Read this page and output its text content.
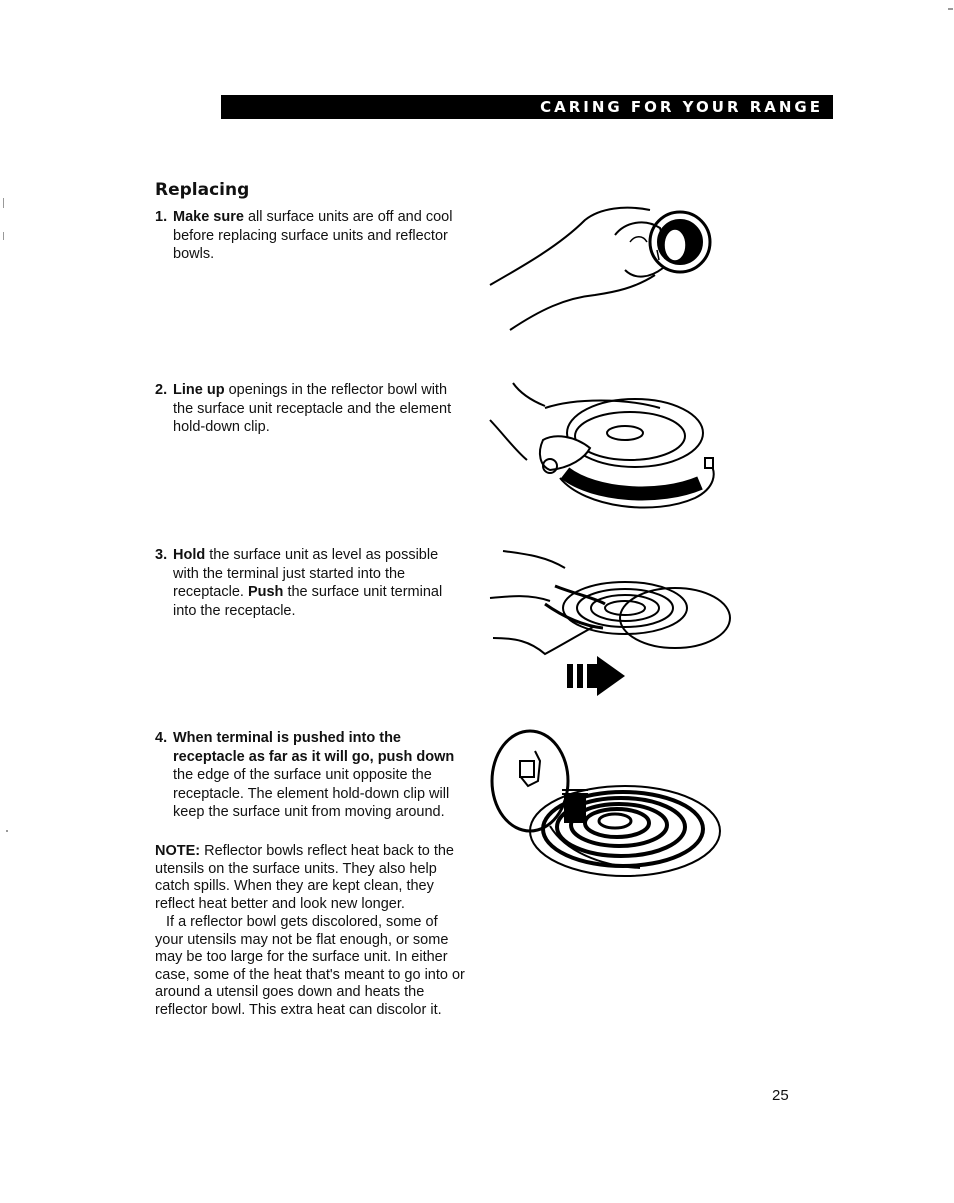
CARING FOR YOUR RANGE
Replacing

1. Make sure all surface units are off and cool before replacing surface units and reflector bowls.

2. Line up openings in the reflector bowl with the surface unit receptacle and the element hold-down clip.

3. Hold the surface unit as level as possible with the terminal just started into the receptacle. Push the surface unit terminal into the receptacle.

4. When terminal is pushed into the receptacle as far as it will go, push down the edge of the surface unit opposite the receptacle. The element hold-down clip will keep the surface unit from moving around.

NOTE: Reflector bowls reflect heat back to the utensils on the surface units. They also help catch spills. When they are kept clean, they reflect heat better and look new longer.

If a reflector bowl gets discolored, some of your utensils may not be flat enough, or some may be too large for the surface unit. In either case, some of the heat that's meant to go into or around a utensil goes down and heats the reflector bowl. This extra heat can discolor it.

25
